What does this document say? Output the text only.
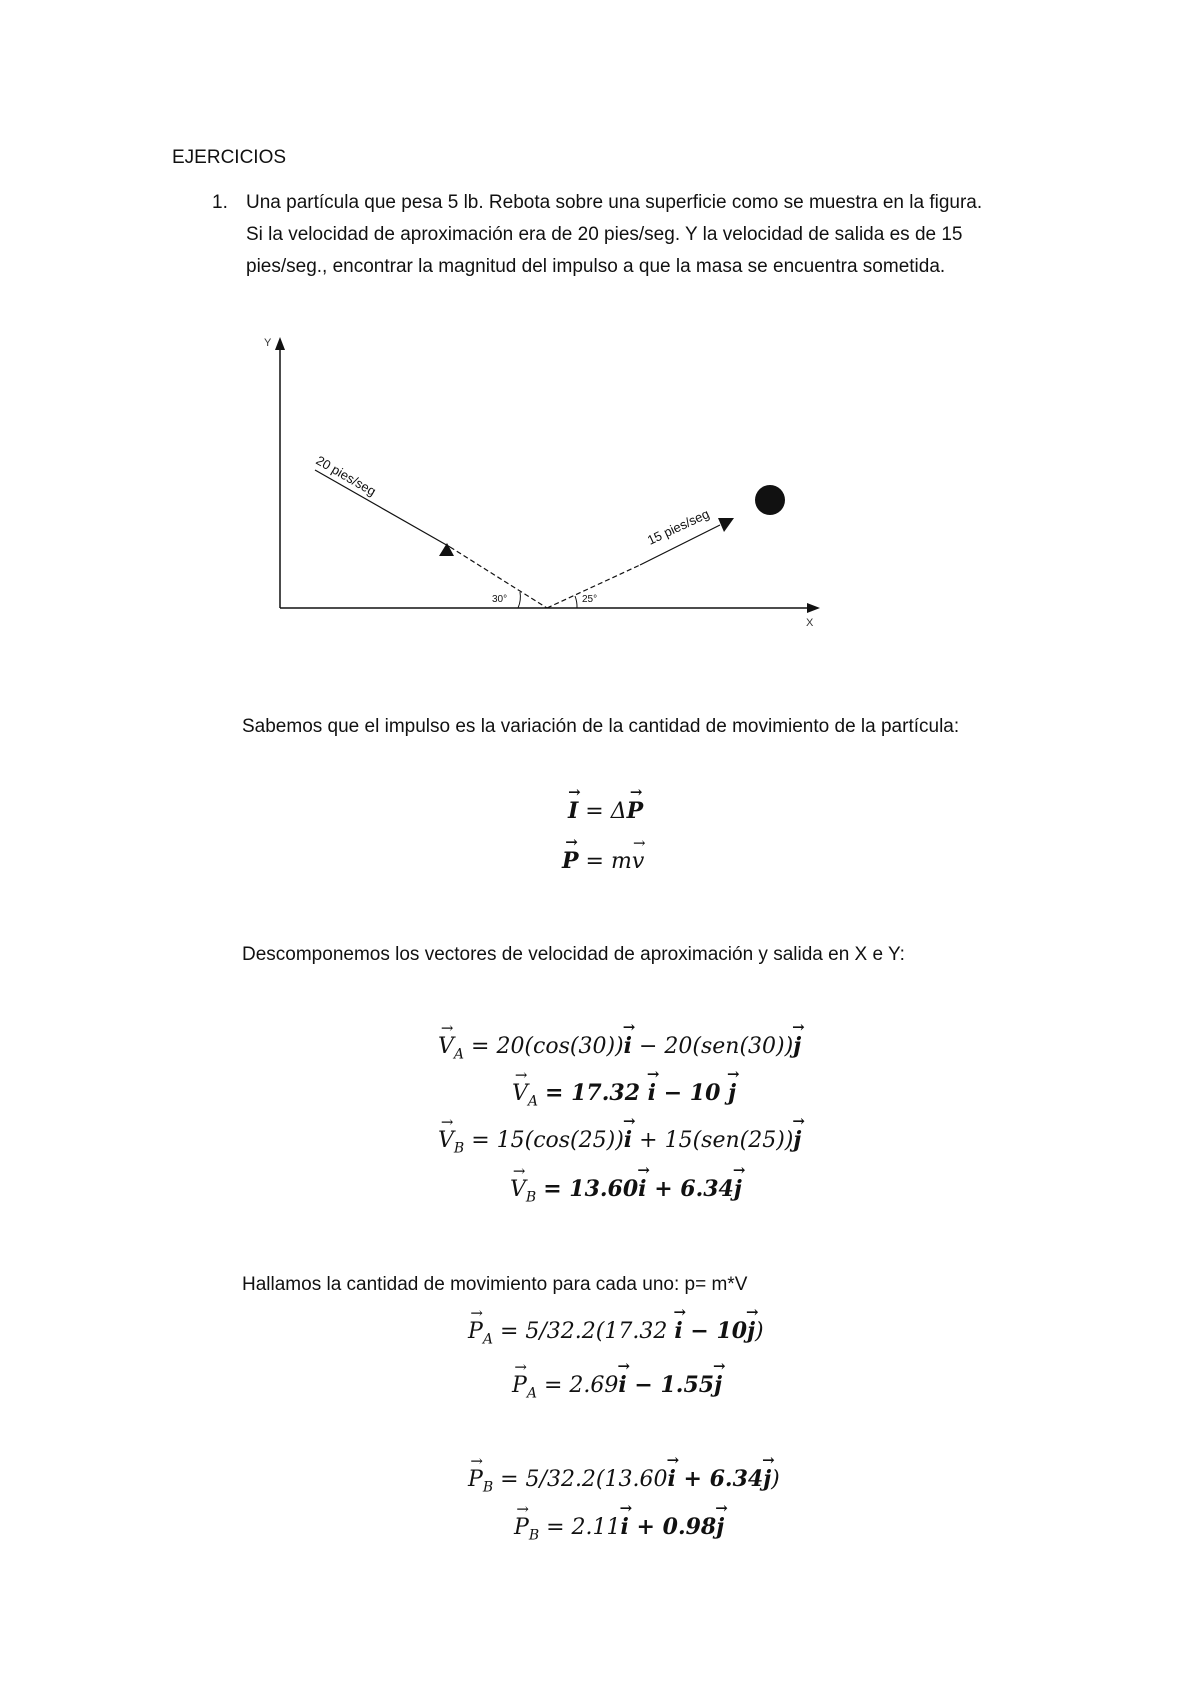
EJERCICIOS
1. Una partícula que pesa 5 lb. Rebota sobre una superficie como se muestra en la figura.
Si la velocidad de aproximación era de 20 pies/seg. Y la velocidad de salida es de 15
pies/seg., encontrar la magnitud del impulso a que la masa se encuentra sometida.
Y
X
20 pies/seg
15 pies/seg
30°	25°
Sabemos que el impulso es la variación de la cantidad de movimiento de la partícula:
→ I = Δ→ P
→ P = m→ v
Descomponemos los vectores de velocidad de aproximación y salida en X e Y:
→ $V_A = 20(\cos(30))\to i - 20(sen(30))\to j$
→ $V_A = 17.32 \to i - 10 \to j$
→ $V_B = 15(\cos(25))\to i + 15(sen(25))\to j$
→ $V_B = 13.60\to i + 6.34\to j$
Hallamos la cantidad de movimiento para cada uno: p= m*V
→ $P_A = 5/32.2(17.32 \to i - 10\to j)$
→ $P_A = 2.69\to i - 1.55\to j$
→ $P_B = 5/32.2(13.60\to i + 6.34\to j)$
→ $P_B = 2.11\to i + 0.98\to j$
